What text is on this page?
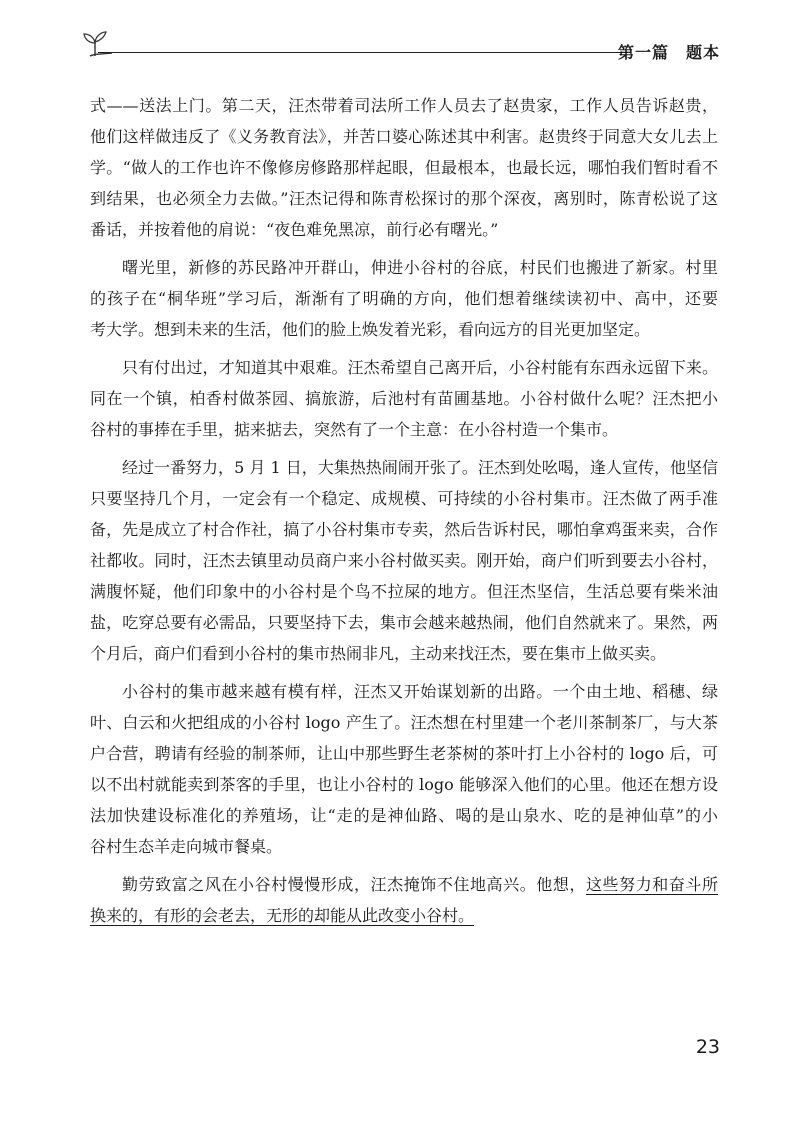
第一篇　题本
式——送法上门。第二天，汪杰带着司法所工作人员去了赵贵家，工作人员告诉赵贵，
他们这样做违反了《义务教育法》，并苦口婆心陈述其中利害。赵贵终于同意大女儿去上
学。“做人的工作也许不像修房修路那样起眼，但最根本，也最长远，哪怕我们暂时看不
到结果，也必须全力去做。”汪杰记得和陈青松探讨的那个深夜，离别时，陈青松说了这
番话，并按着他的肩说：“夜色难免黑凉，前行必有曙光。”
曙光里，新修的苏民路冲开群山，伸进小谷村的谷底，村民们也搬进了新家。村里
的孩子在“桐华班”学习后，渐渐有了明确的方向，他们想着继续读初中、高中，还要
考大学。想到未来的生活，他们的脸上焕发着光彩，看向远方的目光更加坚定。
只有付出过，才知道其中艰难。汪杰希望自己离开后，小谷村能有东西永远留下来。
同在一个镇，柏香村做茶园、搞旅游，后池村有苗圃基地。小谷村做什么呢？汪杰把小
谷村的事捧在手里，掂来掂去，突然有了一个主意：在小谷村造一个集市。
经过一番努力，5 月 1 日，大集热热闹闹开张了。汪杰到处吆喝，逢人宣传，他坚信
只要坚持几个月，一定会有一个稳定、成规模、可持续的小谷村集市。汪杰做了两手准
备，先是成立了村合作社，搞了小谷村集市专卖，然后告诉村民，哪怕拿鸡蛋来卖，合作
社都收。同时，汪杰去镇里动员商户来小谷村做买卖。刚开始，商户们听到要去小谷村，
满腹怀疑，他们印象中的小谷村是个鸟不拉屎的地方。但汪杰坚信，生活总要有柴米油
盐，吃穿总要有必需品，只要坚持下去，集市会越来越热闹，他们自然就来了。果然，两
个月后，商户们看到小谷村的集市热闹非凡，主动来找汪杰，要在集市上做买卖。
小谷村的集市越来越有模有样，汪杰又开始谋划新的出路。一个由土地、稻穗、绿
叶、白云和火把组成的小谷村 logo 产生了。汪杰想在村里建一个老川茶制茶厂，与大茶
户合营，聘请有经验的制茶师，让山中那些野生老茶树的茶叶打上小谷村的 logo 后，可
以不出村就能卖到茶客的手里，也让小谷村的 logo 能够深入他们的心里。他还在想方设
法加快建设标准化的养殖场，让“走的是神仙路、喝的是山泉水、吃的是神仙草”的小
谷村生态羊走向城市餐桌。
勤劳致富之风在小谷村慢慢形成，汪杰掩饰不住地高兴。他想，这些努力和奋斗所
换来的，有形的会老去，无形的却能从此改变小谷村。
23
